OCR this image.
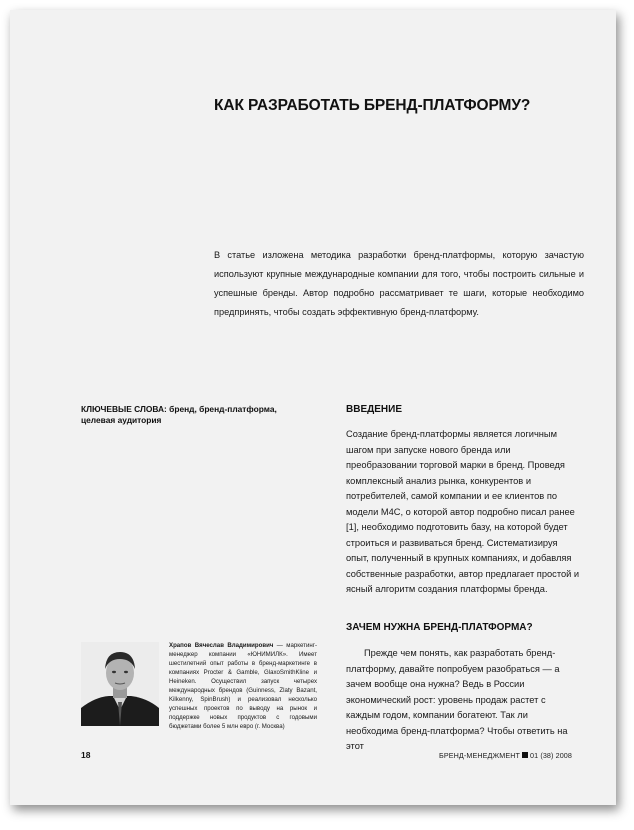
КАК РАЗРАБОТАТЬ БРЕНД-ПЛАТФОРМУ?

В статье изложена методика разработки бренд-платформы, которую зачастую используют крупные международные компании для того, чтобы построить сильные и успешные бренды. Автор подробно рассматривает те шаги, которые необходимо предпринять, чтобы создать эффективную бренд-платформу.

КЛЮЧЕВЫЕ СЛОВА: бренд, бренд-платформа, целевая аудитория

ВВЕДЕНИЕ

Создание бренд-платформы является логичным шагом при запуске нового бренда или преобразовании торговой марки в бренд. Проведя комплексный анализ рынка, конкурентов и потребителей, самой компании и ее клиентов по модели М4С, о которой автор подробно писал ранее [1], необходимо подготовить базу, на которой будет строиться и развиваться бренд. Систематизируя опыт, полученный в крупных компаниях, и добавляя собственные разработки, автор предлагает простой и ясный алгоритм создания платформы бренда.

ЗАЧЕМ НУЖНА БРЕНД-ПЛАТФОРМА?

Прежде чем понять, как разработать бренд-платформу, давайте попробуем разобраться — а зачем вообще она нужна? Ведь в России экономический рост: уровень продаж растет с каждым годом, компании богатеют. Так ли необходима бренд-платформа? Чтобы ответить на этот

Храпов Вячеслав Владимирович — маркетинг-менеджер компании «ЮНИМИЛК». Имеет шестилетний опыт работы в бренд-маркетинге в компаниях Procter & Gamble, GlaxoSmithKline и Heineken. Осуществил запуск четырех международных брендов (Guinness, Zlaty Bazant, Kilkenny, SpinBrush) и реализовал несколько успешных проектов по выводу на рынок и поддержке новых продуктов с годовыми бюджетами более 5 млн евро (г. Москва)

18	БРЕНД-МЕНЕДЖМЕНТ 01 (38) 2008
